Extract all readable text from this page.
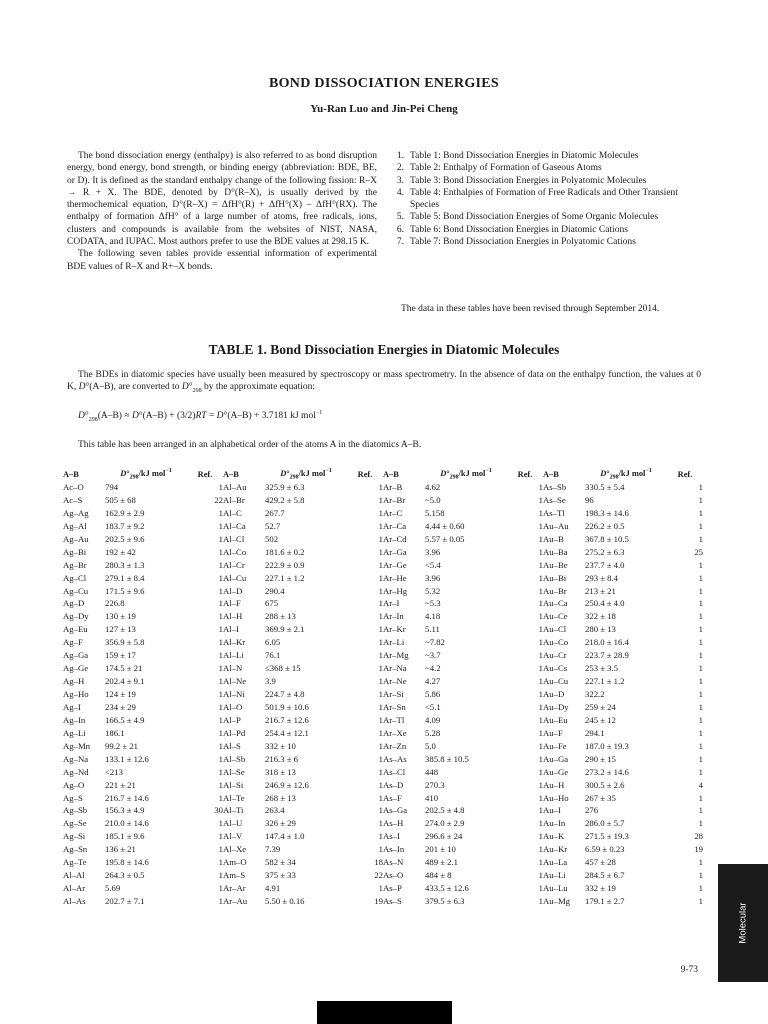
BOND DISSOCIATION ENERGIES
Yu-Ran Luo and Jin-Pei Cheng

The bond dissociation energy (enthalpy) is also referred to as bond disruption energy, bond energy, bond strength, or binding energy (abbreviation: BDE, BE, or D). It is defined as the standard enthalpy change of the following fission: R–X → R + X. The BDE, denoted by D°(R–X), is usually derived by the thermochemical equation, D°(R–X) = ΔfH°(R) + ΔfH°(X) – ΔfH°(RX). The enthalpy of formation ΔfH° of a large number of atoms, free radicals, ions, clusters and compounds is available from the websites of NIST, NASA, CODATA, and IUPAC. Most authors prefer to use the BDE values at 298.15 K.

The following seven tables provide essential information of experimental BDE values of R–X and R+–X bonds.

1. Table 1: Bond Dissociation Energies in Diatomic Molecules
2. Table 2: Enthalpy of Formation of Gaseous Atoms
3. Table 3: Bond Dissociation Energies in Polyatomic Molecules
4. Table 4: Enthalpies of Formation of Free Radicals and Other Transient Species
5. Table 5: Bond Dissociation Energies of Some Organic Molecules
6. Table 6: Bond Dissociation Energies in Diatomic Cations
7. Table 7: Bond Dissociation Energies in Polyatomic Cations
The data in these tables have been revised through September 2014.
TABLE 1. Bond Dissociation Energies in Diatomic Molecules
The BDEs in diatomic species have usually been measured by spectroscopy or mass spectrometry. In the absence of data on the enthalpy function, the values at 0 K, D°(A–B), are converted to $D^\circ_{298}$ by the approximate equation:
$D^\circ_{298}(A-B) \approx D^\circ(A-B) + (3/2)RT = D^\circ(A-B) + 3.7181$ kJ mol$^{-1}$
This table has been arranged in an alphabetical order of the atoms A in the diatomics A–B.
A–B	$D^\circ_{298}/kJ$ mol$^{-1}$	Ref.	A–B	$D^\circ_{298}/kJ$ mol$^{-1}$	Ref.	A–B	$D^\circ_{298}/kJ$ mol$^{-1}$	Ref.	A–B	$D^\circ_{298}/kJ$ mol$^{-1}$	Ref.
Ac–O	794	1	Al–Au	325.9 ± 6.3	1	Ar–B	4.62	1	As–Sb	330.5 ± 5.4	1
Ac–S	505 ± 68	22	Al–Br	429.2 ± 5.8	1	Ar–Br	~5.0	1	As–Se	96	1
Ag–Ag	162.9 ± 2.9	1	Al–C	267.7	1	Ar–C	5.158	1	As–Tl	198.3 ± 14.6	1
Ag–Al	183.7 ± 9.2	1	Al–Ca	52.7	1	Ar–Ca	4.44 ± 0.60	1	Au–Au	226.2 ± 0.5	1
Ag–Au	202.5 ± 9.6	1	Al–Cl	502	1	Ar–Cd	5.57 ± 0.05	1	Au–B	367.8 ± 10.5	1
Ag–Bi	192 ± 42	1	Al–Co	181.6 ± 0.2	1	Ar–Ga	3.96	1	Au–Ba	275.2 ± 6.3	25
Ag–Br	280.3 ± 1.3	1	Al–Cr	222.9 ± 0.9	1	Ar–Ge	<5.4	1	Au–Be	237.7 ± 4.0	1
Ag–Cl	279.1 ± 8.4	1	Al–Cu	227.1 ± 1.2	1	Ar–He	3.96	1	Au–Bi	293 ± 8.4	1
Ag–Cu	171.5 ± 9.6	1	Al–D	290.4	1	Ar–Hg	5.32	1	Au–Br	213 ± 21	1
Ag–D	226.8	1	Al–F	675	1	Ar–I	~5.3	1	Au–Ca	250.4 ± 4.0	1
Ag–Dy	130 ± 19	1	Al–H	288 ± 13	1	Ar–In	4.18	1	Au–Ce	322 ± 18	1
Ag–Eu	127 ± 13	1	Al–I	369.9 ± 2.1	1	Ar–Kr	5.11	1	Au–Cl	280 ± 13	1
Ag–F	356.9 ± 5.8	1	Al–Kr	6.05	1	Ar–Li	~7.82	1	Au–Co	218.0 ± 16.4	1
Ag–Ga	159 ± 17	1	Al–Li	76.1	1	Ar–Mg	~3.7	1	Au–Cr	223.7 ± 28.9	1
Ag–Ge	174.5 ± 21	1	Al–N	≤368 ± 15	1	Ar–Na	~4.2	1	Au–Cs	253 ± 3.5	1
Ag–H	202.4 ± 9.1	1	Al–Ne	3.9	1	Ar–Ne	4.27	1	Au–Cu	227.1 ± 1.2	1
Ag–Ho	124 ± 19	1	Al–Ni	224.7 ± 4.8	1	Ar–Si	5.86	1	Au–D	322.2	1
Ag–I	234 ± 29	1	Al–O	501.9 ± 10.6	1	Ar–Sn	<5.1	1	Au–Dy	259 ± 24	1
Ag–In	166.5 ± 4.9	1	Al–P	216.7 ± 12.6	1	Ar–Tl	4.09	1	Au–Eu	245 ± 12	1
Ag–Li	186.1	1	Al–Pd	254.4 ± 12.1	1	Ar–Xe	5.28	1	Au–F	294.1	1
Ag–Mn	99.2 ± 21	1	Al–S	332 ± 10	1	Ar–Zn	5.0	1	Au–Fe	187.0 ± 19.3	1
Ag–Na	133.1 ± 12.6	1	Al–Sb	216.3 ± 6	1	As–As	385.8 ± 10.5	1	Au–Ga	290 ± 15	1
Ag–Nd	<213	1	Al–Se	318 ± 13	1	As–Cl	448	1	Au–Ge	273.2 ± 14.6	1
Ag–O	221 ± 21	1	Al–Si	246.9 ± 12.6	1	As–D	270.3	1	Au–H	300.5 ± 2.6	4
Ag–S	216.7 ± 14.6	1	Al–Te	268 ± 13	1	As–F	410	1	Au–Ho	267 ± 35	1
Ag–Sb	156.3 ± 4.9	30	Al–Ti	263.4	1	As–Ga	202.5 ± 4.8	1	Au–I	276	1
Ag–Se	210.0 ± 14.6	1	Al–U	326 ± 29	1	As–H	274.0 ± 2.9	1	Au–In	286.0 ± 5.7	1
Ag–Si	185.1 ± 9.6	1	Al–V	147.4 ± 1.0	1	As–I	296.6 ± 24	1	Au–K	271.5 ± 19.3	28
Ag–Sn	136 ± 21	1	Al–Xe	7.39	1	As–In	201 ± 10	1	Au–Kr	6.59 ± 0.23	19
Ag–Te	195.8 ± 14.6	1	Am–O	582 ± 34	18	As–N	489 ± 2.1	1	Au–La	457 ± 28	1
Al–Al	264.3 ± 0.5	1	Am–S	375 ± 33	22	As–O	484 ± 8	1	Au–Li	284.5 ± 6.7	1
Al–Ar	5.69	1	Ar–Ar	4.91	1	As–P	433.5 ± 12.6	1	Au–Lu	332 ± 19	1
Al–As	202.7 ± 7.1	1	Ar–Au	5.50 ± 0.16	19	As–S	379.5 ± 6.3	1	Au–Mg	179.1 ± 2.7	1
Molecular
9-73
